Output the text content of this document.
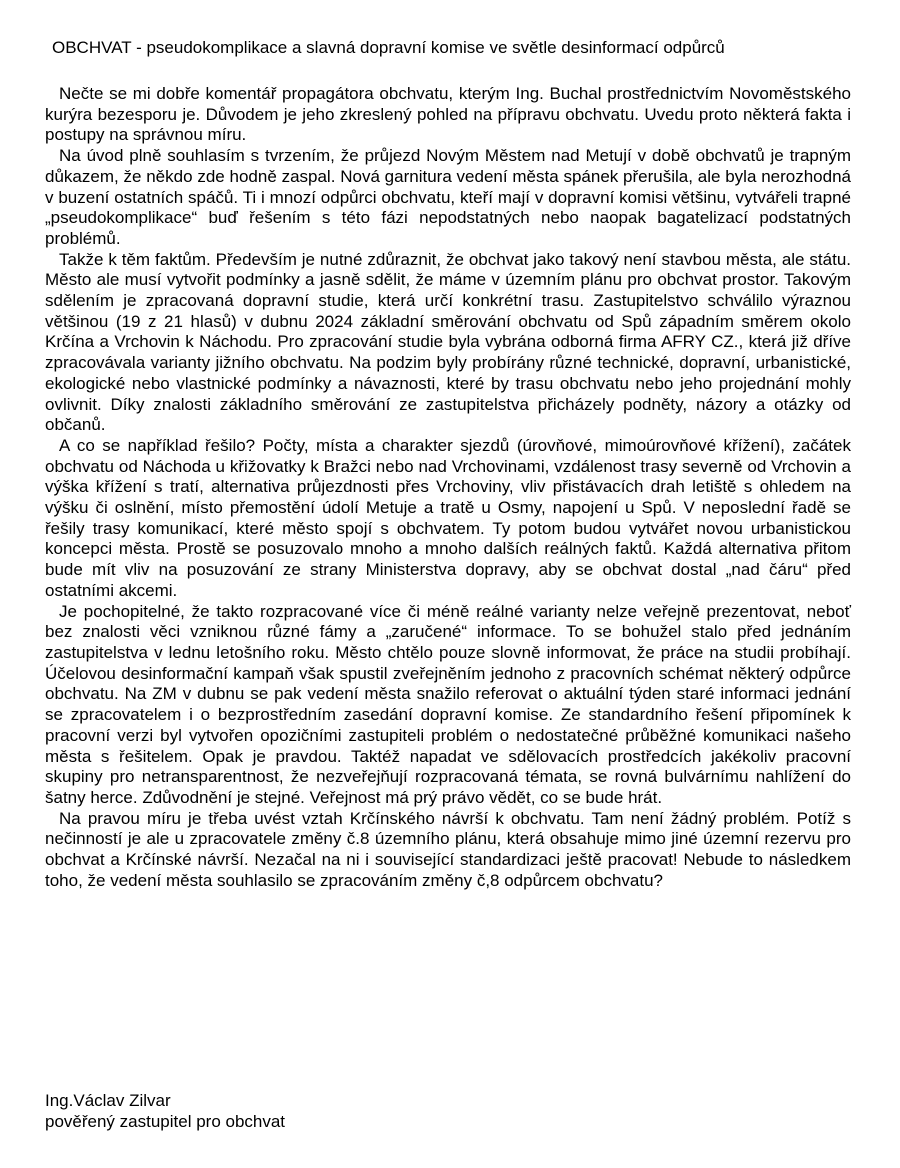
OBCHVAT - pseudokomplikace a slavná dopravní komise ve světle desinformací odpůrců

Nečte se mi dobře komentář propagátora obchvatu, kterým Ing. Buchal prostřednictvím Novoměstského kurýra bezesporu je. Důvodem je jeho zkreslený pohled na přípravu obchvatu. Uvedu proto některá fakta i postupy na správnou míru.

Na úvod plně souhlasím s tvrzením, že průjezd Novým Městem nad Metují v době obchvatů je trapným důkazem, že někdo zde hodně zaspal. Nová garnitura vedení města spánek přerušila, ale byla nerozhodná v buzení ostatních spáčů. Ti i mnozí odpůrci obchvatu, kteří mají v dopravní komisi většinu, vytvářeli trapné „pseudokomplikace“ buď řešením s této fázi nepodstatných nebo naopak bagatelizací podstatných problémů.

Takže k těm faktům. Především je nutné zdůraznit, že obchvat jako takový není stavbou města, ale státu. Město ale musí vytvořit podmínky a jasně sdělit, že máme v územním plánu pro obchvat prostor. Takovým sdělením je zpracovaná dopravní studie, která určí konkrétní trasu. Zastupitelstvo schválilo výraznou většinou (19 z 21 hlasů) v dubnu 2024 základní směrování obchvatu od Spů západním směrem okolo Krčína a Vrchovin k Náchodu. Pro zpracování studie byla vybrána odborná firma AFRY CZ., která již dříve zpracovávala varianty jižního obchvatu. Na podzim byly probírány různé technické, dopravní, urbanistické, ekologické nebo vlastnické podmínky a návaznosti, které by trasu obchvatu nebo jeho projednání mohly ovlivnit. Díky znalosti základního směrování ze zastupitelstva přicházely podněty, názory a otázky od občanů.

A co se například řešilo? Počty, místa a charakter sjezdů (úrovňové, mimoúrovňové křížení), začátek obchvatu od Náchoda u křižovatky k Bražci nebo nad Vrchovinami, vzdálenost trasy severně od Vrchovin a výška křížení s tratí, alternativa průjezdnosti přes Vrchoviny, vliv přistávacích drah letiště s ohledem na výšku či oslnění, místo přemostění údolí Metuje a tratě u Osmy, napojení u Spů. V neposlední řadě se řešily trasy komunikací, které město spojí s obchvatem. Ty potom budou vytvářet novou urbanistickou koncepci města. Prostě se posuzovalo mnoho a mnoho dalších reálných faktů. Každá alternativa přitom bude mít vliv na posuzování ze strany Ministerstva dopravy, aby se obchvat dostal „nad čáru“ před ostatními akcemi.

Je pochopitelné, že takto rozpracované více či méně reálné varianty nelze veřejně prezentovat, neboť bez znalosti věci vzniknou různé fámy a „zaručené“ informace. To se bohužel stalo před jednáním zastupitelstva v lednu letošního roku. Město chtělo pouze slovně informovat, že práce na studii probíhají. Účelovou desinformační kampaň však spustil zveřejněním jednoho z pracovních schémat některý odpůrce obchvatu. Na ZM v dubnu se pak vedení města snažilo referovat o aktuální týden staré informaci jednání se zpracovatelem i o bezprostředním zasedání dopravní komise. Ze standardního řešení připomínek k pracovní verzi byl vytvořen opozičními zastupiteli problém o nedostatečné průběžné komunikaci našeho města s řešitelem. Opak je pravdou. Taktéž napadat ve sdělovacích prostředcích jakékoliv pracovní skupiny pro netransparentnost, že nezveřejňují rozpracovaná témata, se rovná bulvárnímu nahlížení do šatny herce. Zdůvodnění je stejné. Veřejnost má prý právo vědět, co se bude hrát.

Na pravou míru je třeba uvést vztah Krčínského návrší k obchvatu. Tam není žádný problém. Potíž s nečinností je ale u zpracovatele změny č.8 územního plánu, která obsahuje mimo jiné územní rezervu pro obchvat a Krčínské návrší. Nezačal na ni i související standardizaci ještě pracovat! Nebude to následkem toho, že vedení města souhlasilo se zpracováním změny č,8 odpůrcem obchvatu?

Ing.Václav Zilvar
pověřený zastupitel pro obchvat
